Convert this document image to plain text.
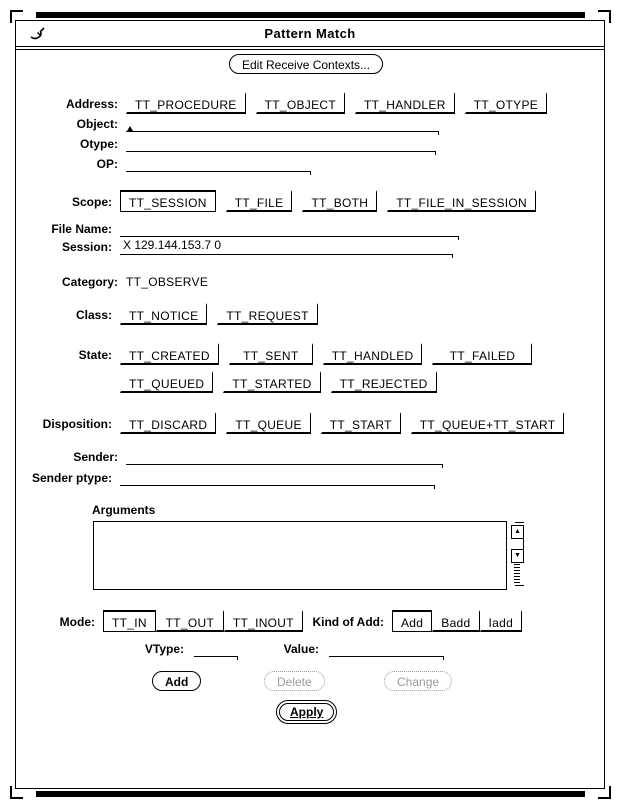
Pattern Match
Edit Receive Contexts...
Address:	TT_PROCEDURE	TT_OBJECT	TT_HANDLER	TT_OTYPE
Object:
Otype:
OP:
Scope:	TT_SESSION	TT_FILE	TT_BOTH	TT_FILE_IN_SESSION
File Name:
Session: X 129.144.153.7 0
Category: TT_OBSERVE
Class:	TT_NOTICE	TT_REQUEST
State:	TT_CREATED	TT_SENT	TT_HANDLED	TT_FAILED
TT_QUEUED	TT_STARTED	TT_REJECTED
Disposition:	TT_DISCARD	TT_QUEUE	TT_START	TT_QUEUE+TT_START
Sender:
Sender ptype:
Arguments
▲
▼
Mode:	TT_IN	TT_OUT	TT_INOUT	Kind of Add:	Add	Badd	Iadd
VType:	Value:
Add	Delete	Change
Apply
